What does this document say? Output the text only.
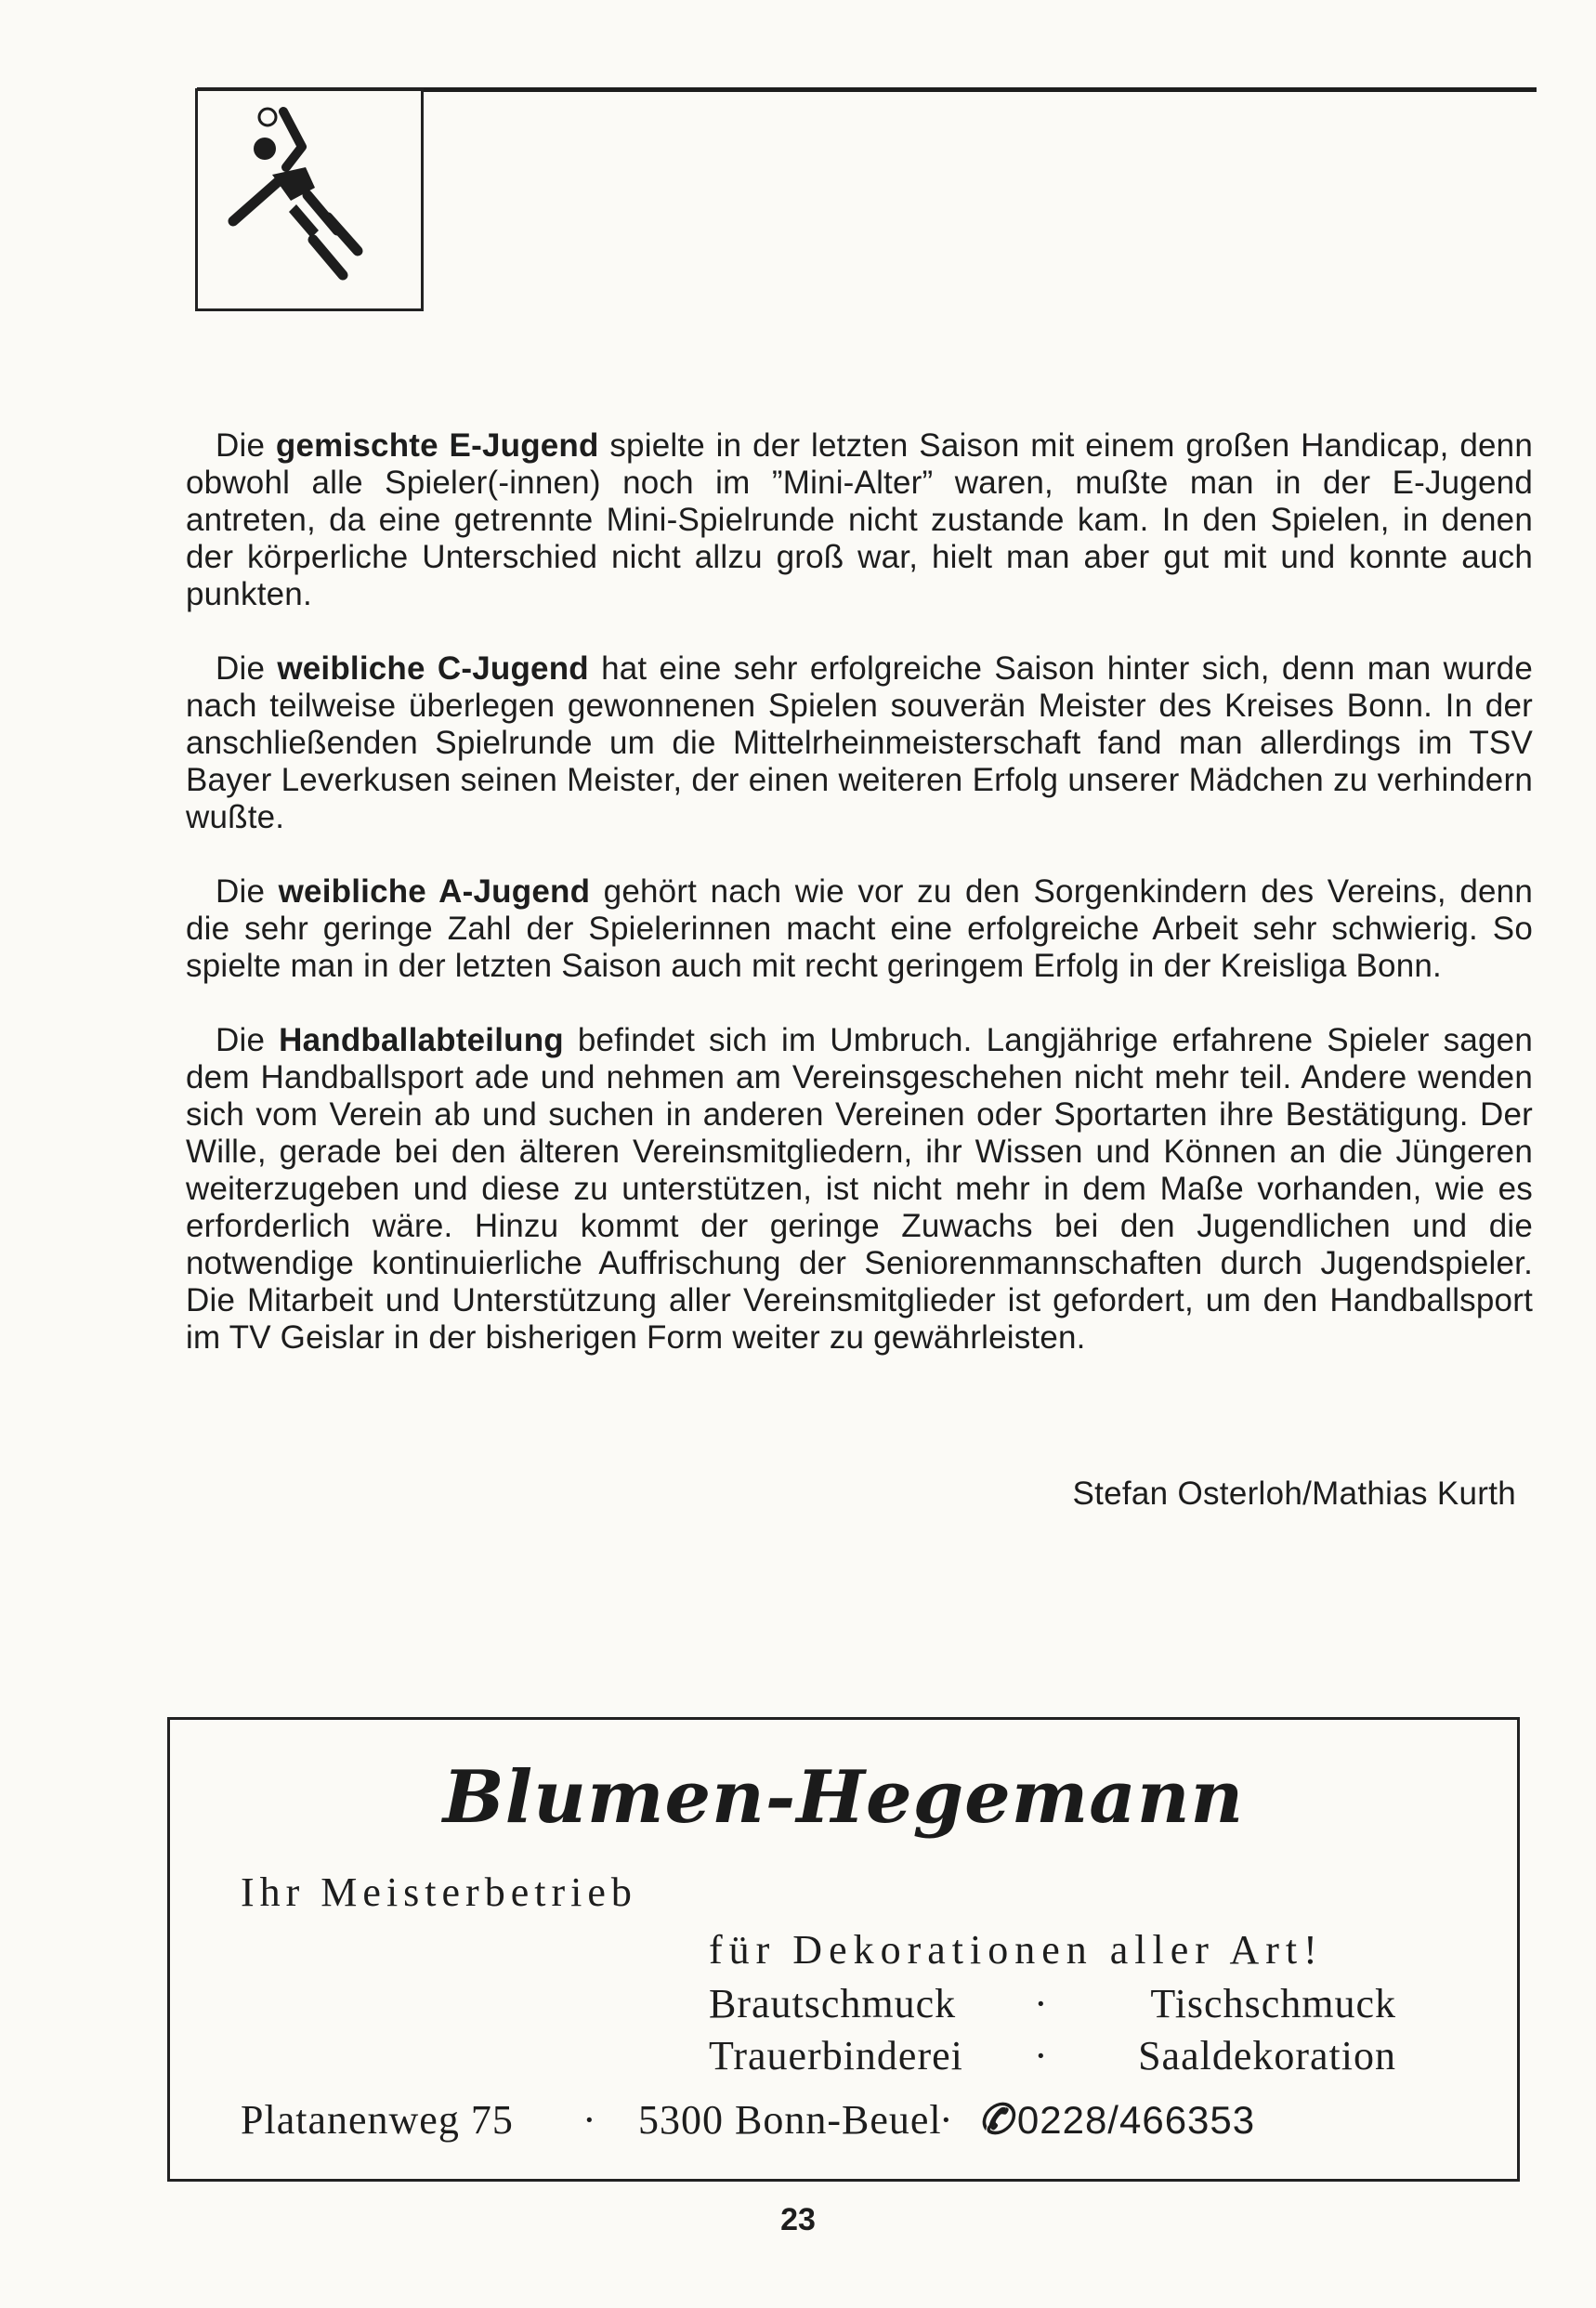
Die gemischte E-Jugend spielte in der letzten Saison mit einem großen Handicap, denn obwohl alle Spieler(-innen) noch im ”Mini-Alter” waren, mußte man in der E-Jugend antreten, da eine getrennte Mini-Spielrunde nicht zustande kam. In den Spielen, in denen der körperliche Unterschied nicht allzu groß war, hielt man aber gut mit und konnte auch punkten.

Die weibliche C-Jugend hat eine sehr erfolgreiche Saison hinter sich, denn man wurde nach teilweise überlegen gewonnenen Spielen souverän Meister des Kreises Bonn. In der anschließenden Spielrunde um die Mittelrheinmeisterschaft fand man allerdings im TSV Bayer Leverkusen seinen Meister, der einen weiteren Erfolg unserer Mädchen zu verhindern wußte.

Die weibliche A-Jugend gehört nach wie vor zu den Sorgenkindern des Vereins, denn die sehr geringe Zahl der Spielerinnen macht eine erfolgreiche Arbeit sehr schwierig. So spielte man in der letzten Saison auch mit recht geringem Erfolg in der Kreisliga Bonn.

Die Handballabteilung befindet sich im Umbruch. Langjährige erfahrene Spieler sagen dem Handballsport ade und nehmen am Vereinsgeschehen nicht mehr teil. Andere wenden sich vom Verein ab und suchen in anderen Vereinen oder Sportarten ihre Bestätigung. Der Wille, gerade bei den älteren Vereinsmitgliedern, ihr Wissen und Können an die Jüngeren weiterzugeben und diese zu unterstützen, ist nicht mehr in dem Maße vorhanden, wie es erforderlich wäre. Hinzu kommt der geringe Zuwachs bei den Jugendlichen und die notwendige kontinuierliche Auffrischung der Seniorenmannschaften durch Jugendspieler. Die Mitarbeit und Unterstützung aller Vereinsmitglieder ist gefordert, um den Handballsport im TV Geislar in der bisherigen Form weiter zu gewährleisten.

Stefan Osterloh/Mathias Kurth
Blumen-Hegemann
Ihr Meisterbetrieb
für Dekorationen aller Art!
Brautschmuck · Tischschmuck
Trauerbinderei · Saaldekoration
Platanenweg 75 · 5300 Bonn-Beuel
· ✆0228/466353
23
